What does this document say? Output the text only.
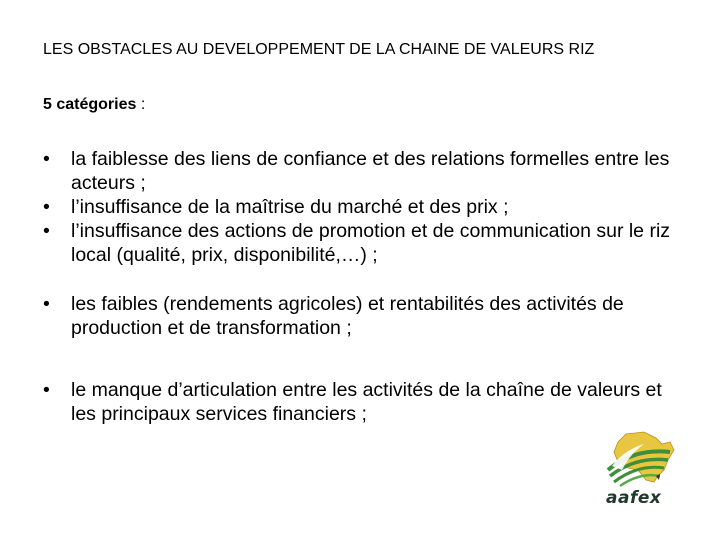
LES OBSTACLES AU DEVELOPPEMENT DE LA CHAINE DE VALEURS RIZ
5 catégories :
• la faiblesse des liens de confiance et des relations formelles entre les acteurs ;
• l’insuffisance de la maîtrise du marché et des prix ;
• l’insuffisance des actions de promotion et de communication sur le riz local (qualité, prix, disponibilité,…) ;
• les faibles (rendements agricoles) et rentabilités des activités de production et de transformation ;
• le manque d’articulation entre les activités de la chaîne de valeurs et les principaux services financiers ;
aafex
